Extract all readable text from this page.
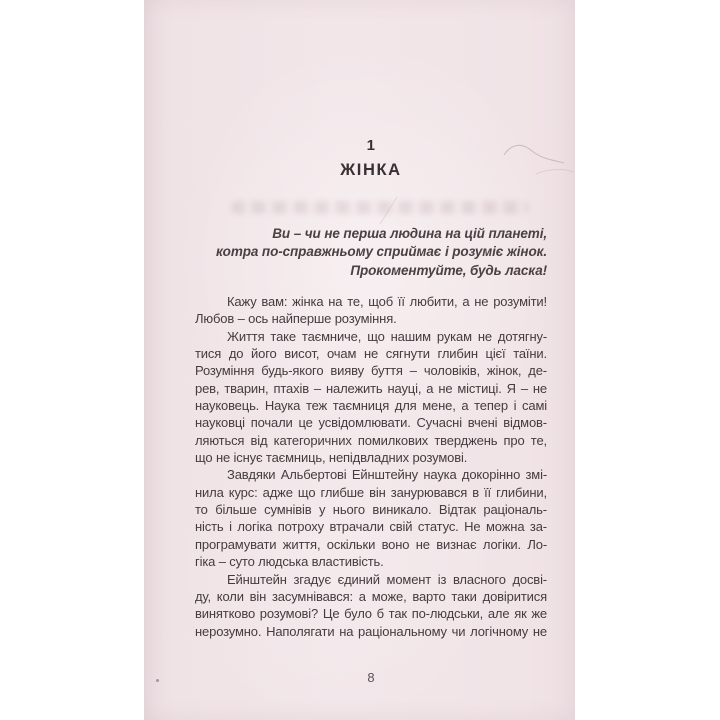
1
ЖІНКА
Ви – чи не перша людина на цій планеті,
котра по-справжньому сприймає і розуміє жінок.
Прокоментуйте, будь ласка!
Кажу вам: жінка на те, щоб її любити, а не розуміти!
Любов – ось найперше розуміння.
Життя таке таємниче, що нашим рукам не дотягну-
тися до його висот, очам не сягнути глибин цієї таїни.
Розуміння будь-якого вияву буття – чоловіків, жінок, де-
рев, тварин, птахів – належить науці, а не містиці. Я – не
науковець. Наука теж таємниця для мене, а тепер і самі
науковці почали це усвідомлювати. Сучасні вчені відмов-
ляються від категоричних помилкових тверджень про те,
що не існує таємниць, непідвладних розумові.
Завдяки Альбертові Ейнштейну наука докорінно змі-
нила курс: адже що глибше він занурювався в її глибини,
то більше сумнівів у нього виникало. Відтак раціональ-
ність і логіка потроху втрачали свій статус. Не можна за-
програмувати життя, оскільки воно не визнає логіки. Ло-
гіка – суто людська властивість.
Ейнштейн згадує єдиний момент із власного досві-
ду, коли він засумнівався: а може, варто таки довіритися
винятково розумові? Це було б так по-людськи, але як же
нерозумно. Наполягати на раціональному чи логічному не
8
